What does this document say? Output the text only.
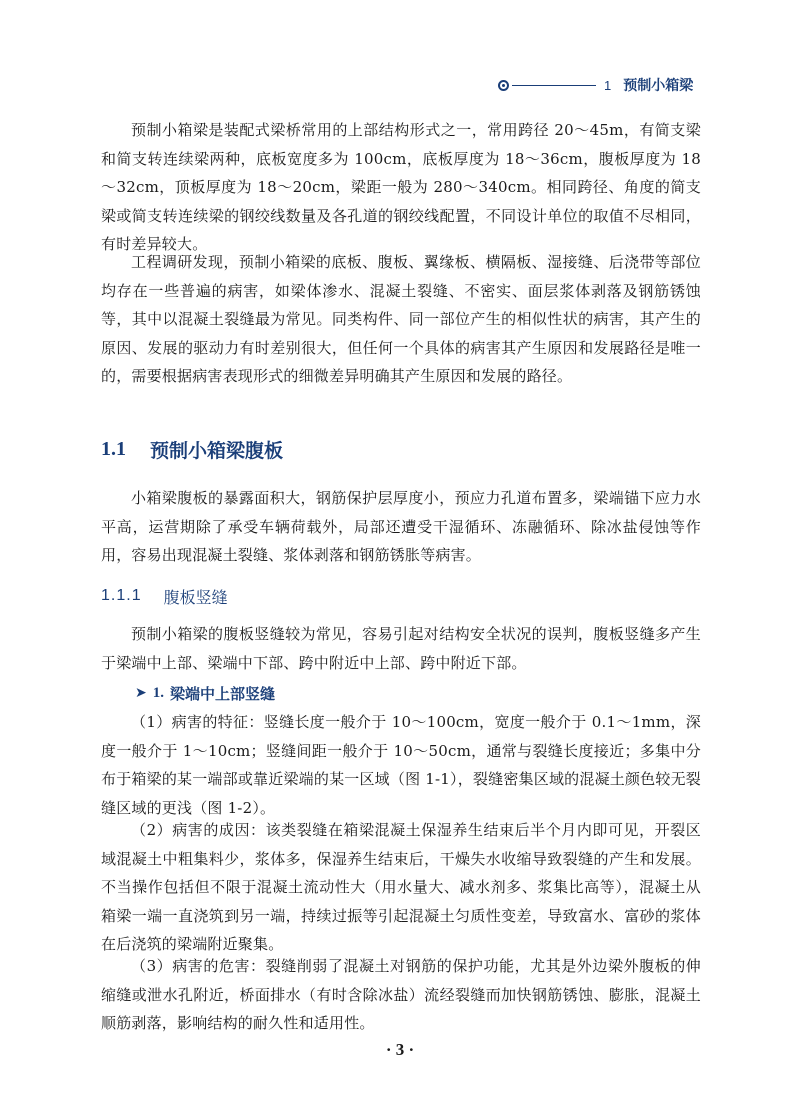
1 预制小箱梁

预制小箱梁是装配式梁桥常用的上部结构形式之一，常用跨径 20～45m，有简支梁和简支转连续梁两种，底板宽度多为 100cm，底板厚度为 18～36cm，腹板厚度为 18～32cm，顶板厚度为 18～20cm，梁距一般为 280～340cm。相同跨径、角度的简支梁或简支转连续梁的钢绞线数量及各孔道的钢绞线配置，不同设计单位的取值不尽相同，有时差异较大。

工程调研发现，预制小箱梁的底板、腹板、翼缘板、横隔板、湿接缝、后浇带等部位均存在一些普遍的病害，如梁体渗水、混凝土裂缝、不密实、面层浆体剥落及钢筋锈蚀等，其中以混凝土裂缝最为常见。同类构件、同一部位产生的相似性状的病害，其产生的原因、发展的驱动力有时差别很大，但任何一个具体的病害其产生原因和发展路径是唯一的，需要根据病害表现形式的细微差异明确其产生原因和发展的路径。

1.1 预制小箱梁腹板

小箱梁腹板的暴露面积大，钢筋保护层厚度小，预应力孔道布置多，梁端锚下应力水平高，运营期除了承受车辆荷载外，局部还遭受干湿循环、冻融循环、除冰盐侵蚀等作用，容易出现混凝土裂缝、浆体剥落和钢筋锈胀等病害。

1.1.1 腹板竖缝

预制小箱梁的腹板竖缝较为常见，容易引起对结构安全状况的误判，腹板竖缝多产生于梁端中上部、梁端中下部、跨中附近中上部、跨中附近下部。

➤ 1. 梁端中上部竖缝

（1）病害的特征：竖缝长度一般介于 10～100cm，宽度一般介于 0.1～1mm，深度一般介于 1～10cm；竖缝间距一般介于 10～50cm，通常与裂缝长度接近；多集中分布于箱梁的某一端部或靠近梁端的某一区域（图 1-1），裂缝密集区域的混凝土颜色较无裂缝区域的更浅（图 1-2）。

（2）病害的成因：该类裂缝在箱梁混凝土保湿养生结束后半个月内即可见，开裂区域混凝土中粗集料少，浆体多，保湿养生结束后，干燥失水收缩导致裂缝的产生和发展。不当操作包括但不限于混凝土流动性大（用水量大、减水剂多、浆集比高等），混凝土从箱梁一端一直浇筑到另一端，持续过振等引起混凝土匀质性变差，导致富水、富砂的浆体在后浇筑的梁端附近聚集。

（3）病害的危害：裂缝削弱了混凝土对钢筋的保护功能，尤其是外边梁外腹板的伸缩缝或泄水孔附近，桥面排水（有时含除冰盐）流经裂缝而加快钢筋锈蚀、膨胀，混凝土顺筋剥落，影响结构的耐久性和适用性。

· 3 ·
